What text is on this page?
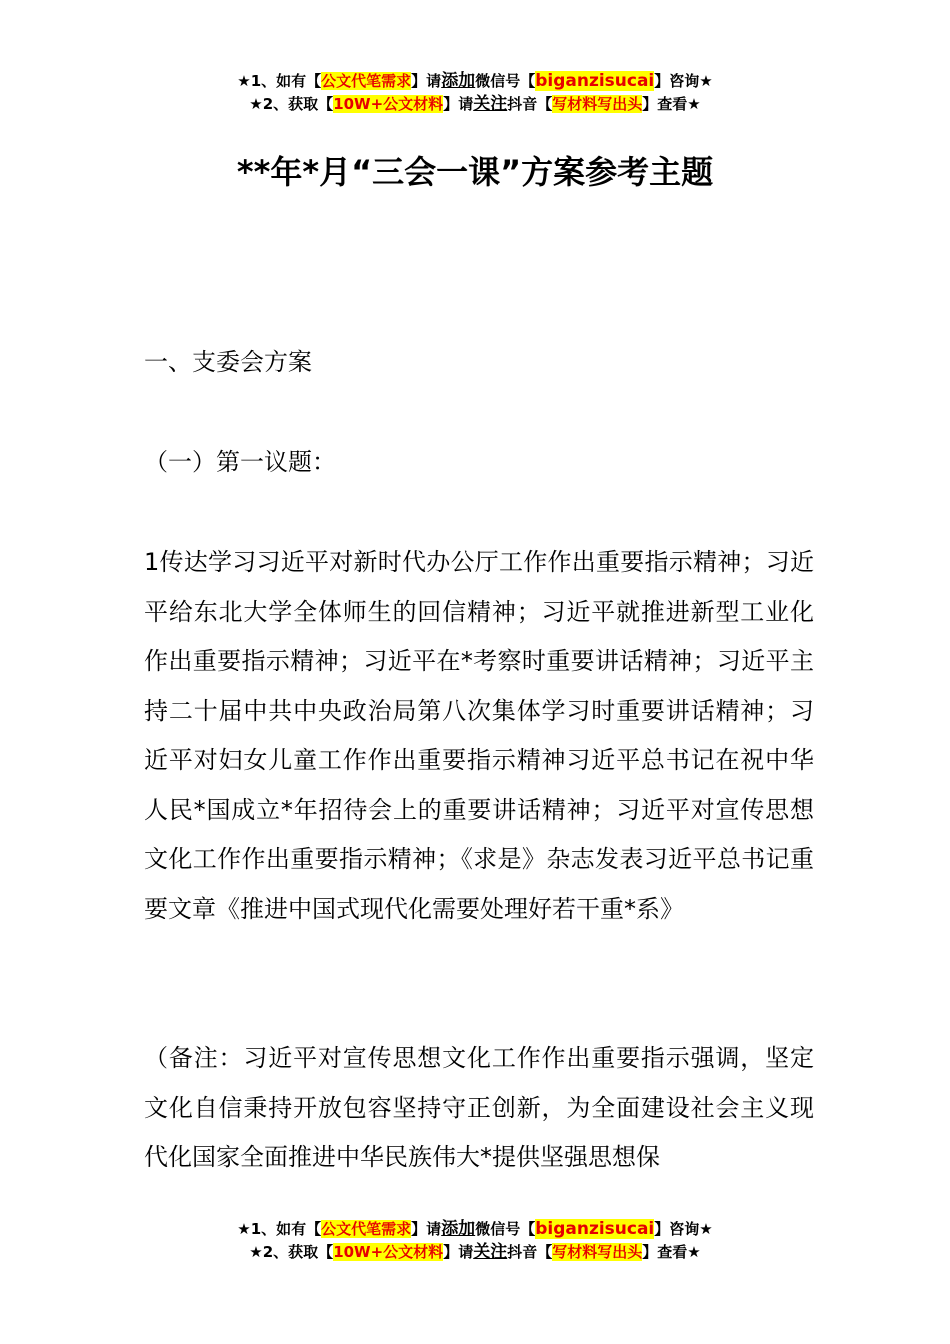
★1、如有【公文代笔需求】请添加微信号【biganzisucai】咨询★
★2、获取【10W+公文材料】请关注抖音【写材料写出头】查看★
**年*月“三会一课”方案参考主题

一、支委会方案

（一）第一议题：

1传达学习习近平对新时代办公厅工作作出重要指示精神；习近平给东北大学全体师生的回信精神；习近平就推进新型工业化作出重要指示精神；习近平在*考察时重要讲话精神；习近平主持二十届中共中央政治局第八次集体学习时重要讲话精神；习近平对妇女儿童工作作出重要指示精神习近平总书记在祝中华人民*国成立*年招待会上的重要讲话精神；习近平对宣传思想文化工作作出重要指示精神；《求是》杂志发表习近平总书记重要文章《推进中国式现代化需要处理好若干重*系》

（备注：习近平对宣传思想文化工作作出重要指示强调，坚定文化自信秉持开放包容坚持守正创新，为全面建设社会主义现代化国家全面推进中华民族伟大*提供坚强思想保

★1、如有【公文代笔需求】请添加微信号【biganzisucai】咨询★
★2、获取【10W+公文材料】请关注抖音【写材料写出头】查看★
